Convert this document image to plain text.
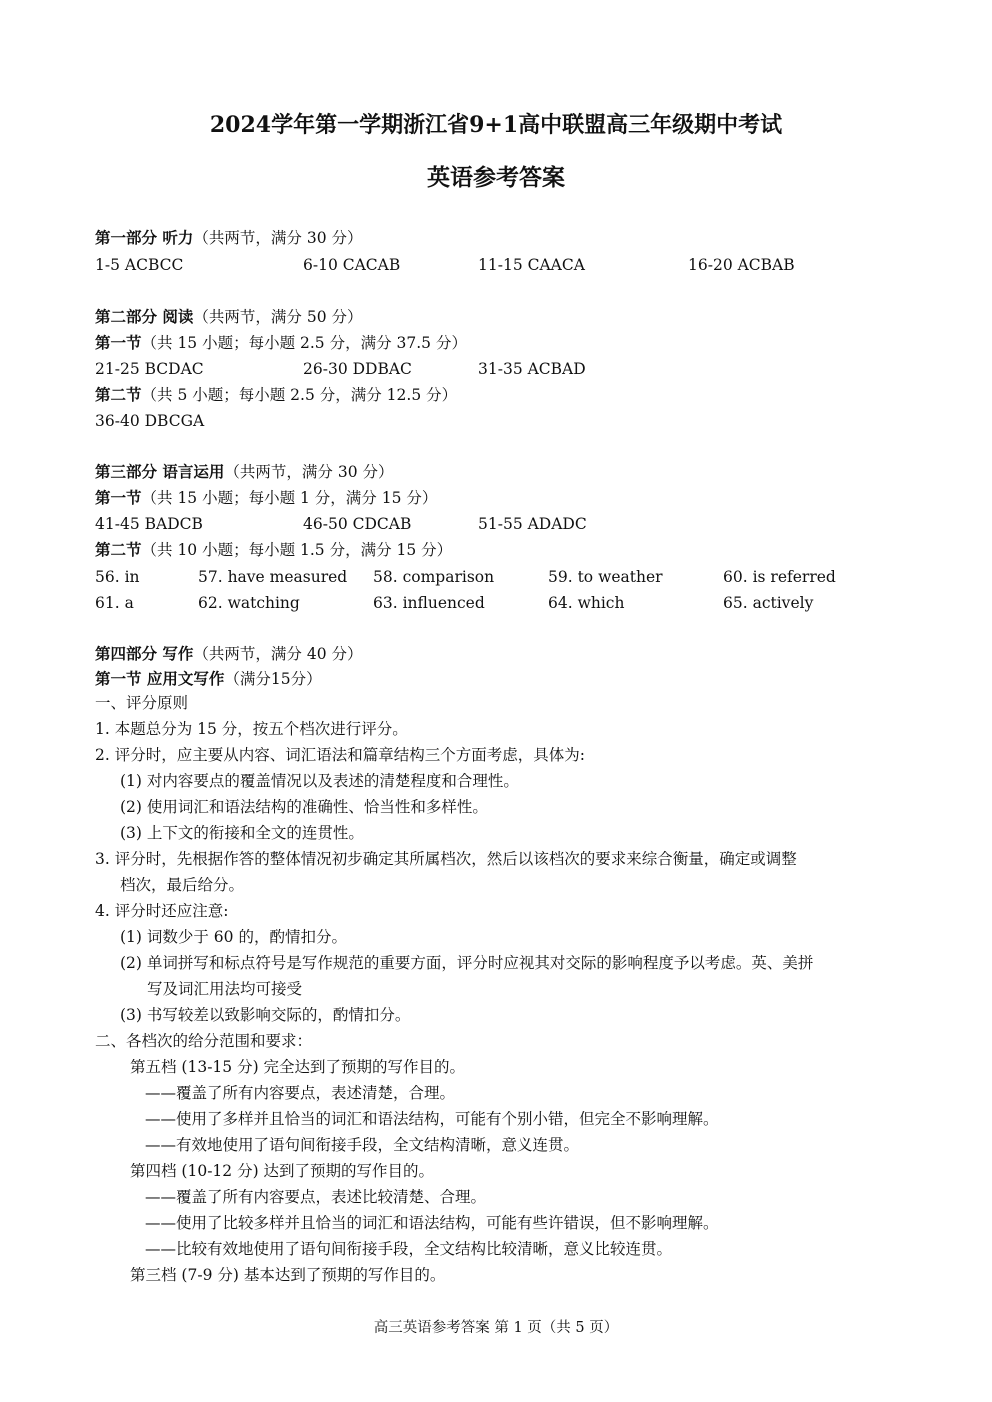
2024学年第一学期浙江省9+1高中联盟高三年级期中考试
英语参考答案
第一部分 听力（共两节，满分 30 分）
1-5 ACBCC	6-10 CACAB	11-15 CAACA	16-20 ACBAB
第二部分 阅读（共两节，满分 50 分）
第一节（共 15 小题；每小题 2.5 分，满分 37.5 分）
21-25 BCDAC	26-30 DDBAC	31-35 ACBAD
第二节（共 5 小题；每小题 2.5 分，满分 12.5 分）
36-40 DBCGA
第三部分 语言运用（共两节，满分 30 分）
第一节（共 15 小题；每小题 1 分，满分 15 分）
41-45 BADCB	46-50 CDCAB	51-55 ADADC
第二节（共 10 小题；每小题 1.5 分，满分 15 分）
56. in	57. have measured 58. comparison	59. to weather	60. is referred
61. a	62. watching	63. influenced	64. which	65. actively
第四部分 写作（共两节，满分 40 分）
第一节 应用文写作（满分15分）
一、评分原则
1. 本题总分为 15 分，按五个档次进行评分。
2. 评分时，应主要从内容、词汇语法和篇章结构三个方面考虑，具体为:
(1) 对内容要点的覆盖情况以及表述的清楚程度和合理性。
(2) 使用词汇和语法结构的准确性、恰当性和多样性。
(3) 上下文的衔接和全文的连贯性。
3. 评分时，先根据作答的整体情况初步确定其所属档次，然后以该档次的要求来综合衡量，确定或调整
档次，最后给分。
4. 评分时还应注意:
(1) 词数少于 60 的，酌情扣分。
(2) 单词拼写和标点符号是写作规范的重要方面，评分时应视其对交际的影响程度予以考虑。英、美拼
写及词汇用法均可接受
(3) 书写较差以致影响交际的，酌情扣分。
二、各档次的给分范围和要求：
第五档 (13-15 分) 完全达到了预期的写作目的。
——覆盖了所有内容要点，表述清楚，合理。
——使用了多样并且恰当的词汇和语法结构，可能有个别小错，但完全不影响理解。
——有效地使用了语句间衔接手段，全文结构清晰，意义连贯。
第四档 (10-12 分) 达到了预期的写作目的。
——覆盖了所有内容要点，表述比较清楚、合理。
——使用了比较多样并且恰当的词汇和语法结构，可能有些许错误，但不影响理解。
——比较有效地使用了语句间衔接手段，全文结构比较清晰，意义比较连贯。
第三档 (7-9 分) 基本达到了预期的写作目的。
高三英语参考答案 第 1 页（共 5 页）
